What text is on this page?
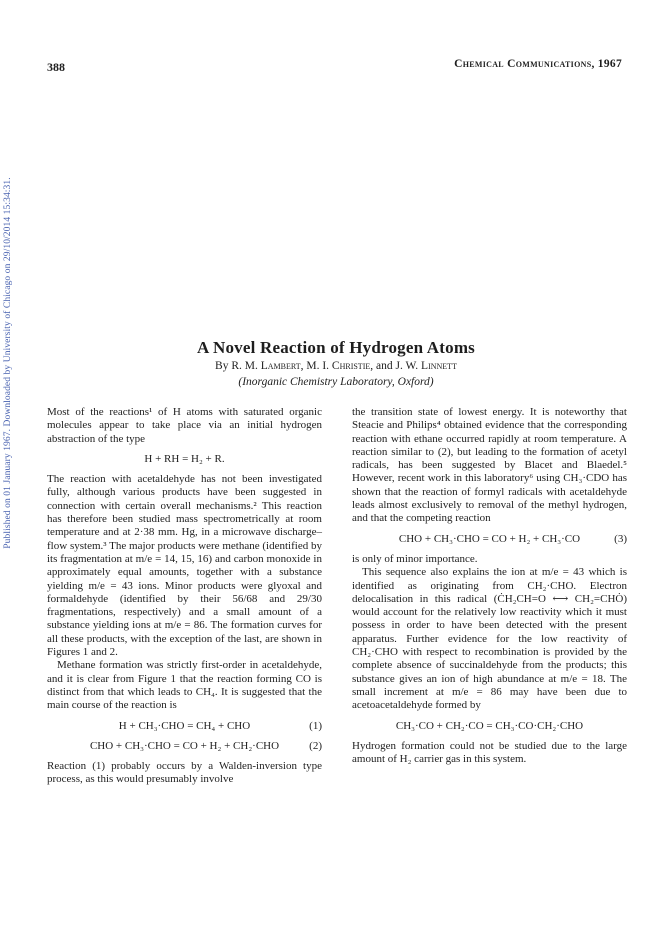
Published on 01 January 1967. Downloaded by University of Chicago on 29/10/2014 15:34:31.
388	Chemical Communications, 1967
A Novel Reaction of Hydrogen Atoms
By R. M. Lambert, M. I. Christie, and J. W. Linnett
(Inorganic Chemistry Laboratory, Oxford)

Most of the reactions¹ of H atoms with saturated organic molecules appear to take place via an initial hydrogen abstraction of the type

H + RH = H₂ + R.

The reaction with acetaldehyde has not been investigated fully, although various products have been suggested in connection with certain overall mechanisms.² This reaction has therefore been studied mass spectrometrically at room temperature and at 2·38 mm. Hg, in a microwave discharge–flow system.³ The major products were methane (identified by its fragmentation at m/e = 14, 15, 16) and carbon monoxide in approximately equal amounts, together with a substance yielding m/e = 43 ions. Minor products were glyoxal and formaldehyde (identified by their 56/68 and 29/30 fragmentations, respectively) and a small amount of a substance yielding ions at m/e = 86. The formation curves for all these products, with the exception of the last, are shown in Figures 1 and 2.

Methane formation was strictly first-order in acetaldehyde, and it is clear from Figure 1 that the reaction forming CO is distinct from that which leads to CH₄. It is suggested that the main course of the reaction is

H + CH₃·CHO = CH₄ + CHO	(1)
CHO + CH₃·CHO = CO + H₂ + CH₂·CHO	(2)

Reaction (1) probably occurs by a Walden-inversion type process, as this would presumably involve

the transition state of lowest energy. It is noteworthy that Steacie and Philips⁴ obtained evidence that the corresponding reaction with ethane occurred rapidly at room temperature. A reaction similar to (2), but leading to the formation of acetyl radicals, has been suggested by Blacet and Blaedel.⁵ However, recent work in this laboratory⁶ using CH₃·CDO has shown that the reaction of formyl radicals with acetaldehyde leads almost exclusively to removal of the methyl hydrogen, and that the competing reaction

CHO + CH₃·CHO = CO + H₂ + CH₃·CO	(3)

is only of minor importance.

This sequence also explains the ion at m/e = 43 which is identified as originating from CH₂·CHO. Electron delocalisation in this radical (ĊH₂CH=O ⟷ CH₂=CHȮ) would account for the relatively low reactivity which it must possess in order to have been detected with the present apparatus. Further evidence for the low reactivity of CH₂·CHO with respect to recombination is provided by the complete absence of succinaldehyde from the products; this substance gives an ion of high abundance at m/e = 18. The small increment at m/e = 86 may have been due to acetoacetaldehyde formed by

CH₃·CO + CH₂·CO = CH₃·CO·CH₂·CHO

Hydrogen formation could not be studied due to the large amount of H₂ carrier gas in this system.
